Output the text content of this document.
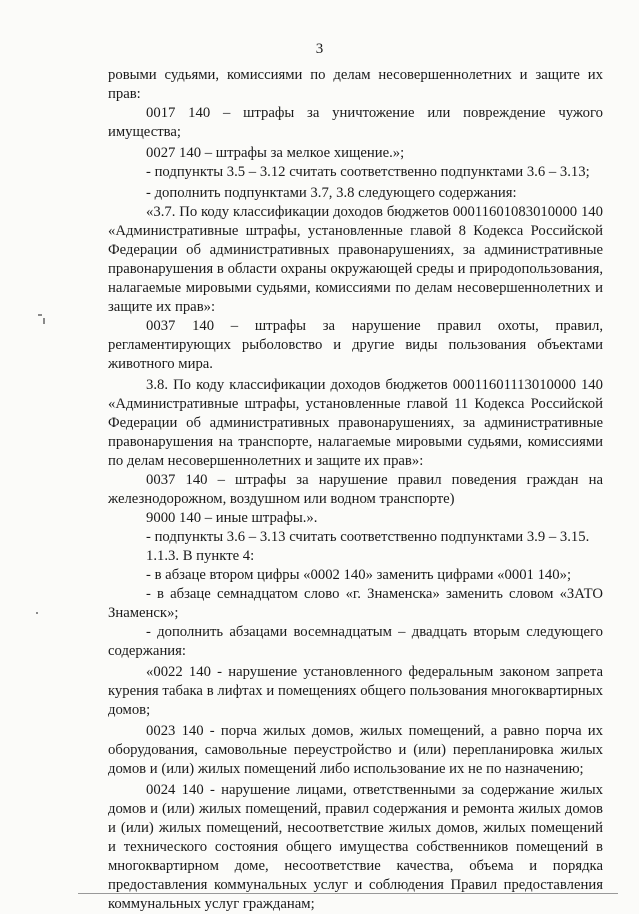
3

ровыми судьями, комиссиями по делам несовершеннолетних и защите их прав:

0017 140 – штрафы за уничтожение или повреждение чужого имущества;

0027 140 – штрафы за мелкое хищение.»;

- подпункты 3.5 – 3.12 считать соответственно подпунктами 3.6 – 3.13;

- дополнить подпунктами 3.7, 3.8 следующего содержания:

«3.7. По коду классификации доходов бюджетов 00011601083010000 140 «Административные штрафы, установленные главой 8 Кодекса Российской Федерации об административных правонарушениях, за административные правонарушения в области охраны окружающей среды и природопользования, налагаемые мировыми судьями, комиссиями по делам несовершеннолетних и защите их прав»:

0037 140 – штрафы за нарушение правил охоты, правил, регламентирующих рыболовство и другие виды пользования объектами животного мира.

3.8. По коду классификации доходов бюджетов 00011601113010000 140 «Административные штрафы, установленные главой 11 Кодекса Российской Федерации об административных правонарушениях, за административные правонарушения на транспорте, налагаемые мировыми судьями, комиссиями по делам несовершеннолетних и защите их прав»:

0037 140 – штрафы за нарушение правил поведения граждан на железнодорожном, воздушном или водном транспорте)

9000 140 – иные штрафы.».

- подпункты 3.6 – 3.13 считать соответственно подпунктами 3.9 – 3.15.

1.1.3. В пункте 4:

- в абзаце втором цифры «0002 140» заменить цифрами «0001 140»;

- в абзаце семнадцатом слово «г. Знаменска» заменить словом «ЗАТО Знаменск»;

- дополнить абзацами восемнадцатым – двадцать вторым следующего содержания:

«0022 140 - нарушение установленного федеральным законом запрета курения табака в лифтах и помещениях общего пользования многоквартирных домов;

0023 140 - порча жилых домов, жилых помещений, а равно порча их оборудования, самовольные переустройство и (или) перепланировка жилых домов и (или) жилых помещений либо использование их не по назначению;

0024 140 - нарушение лицами, ответственными за содержание жилых домов и (или) жилых помещений, правил содержания и ремонта жилых домов и (или) жилых помещений, несоответствие жилых домов, жилых помещений и технического состояния общего имущества собственников помещений в многоквартирном доме, несоответствие качества, объема и порядка предоставления коммунальных услуг и соблюдения Правил предоставления коммунальных услуг гражданам;
